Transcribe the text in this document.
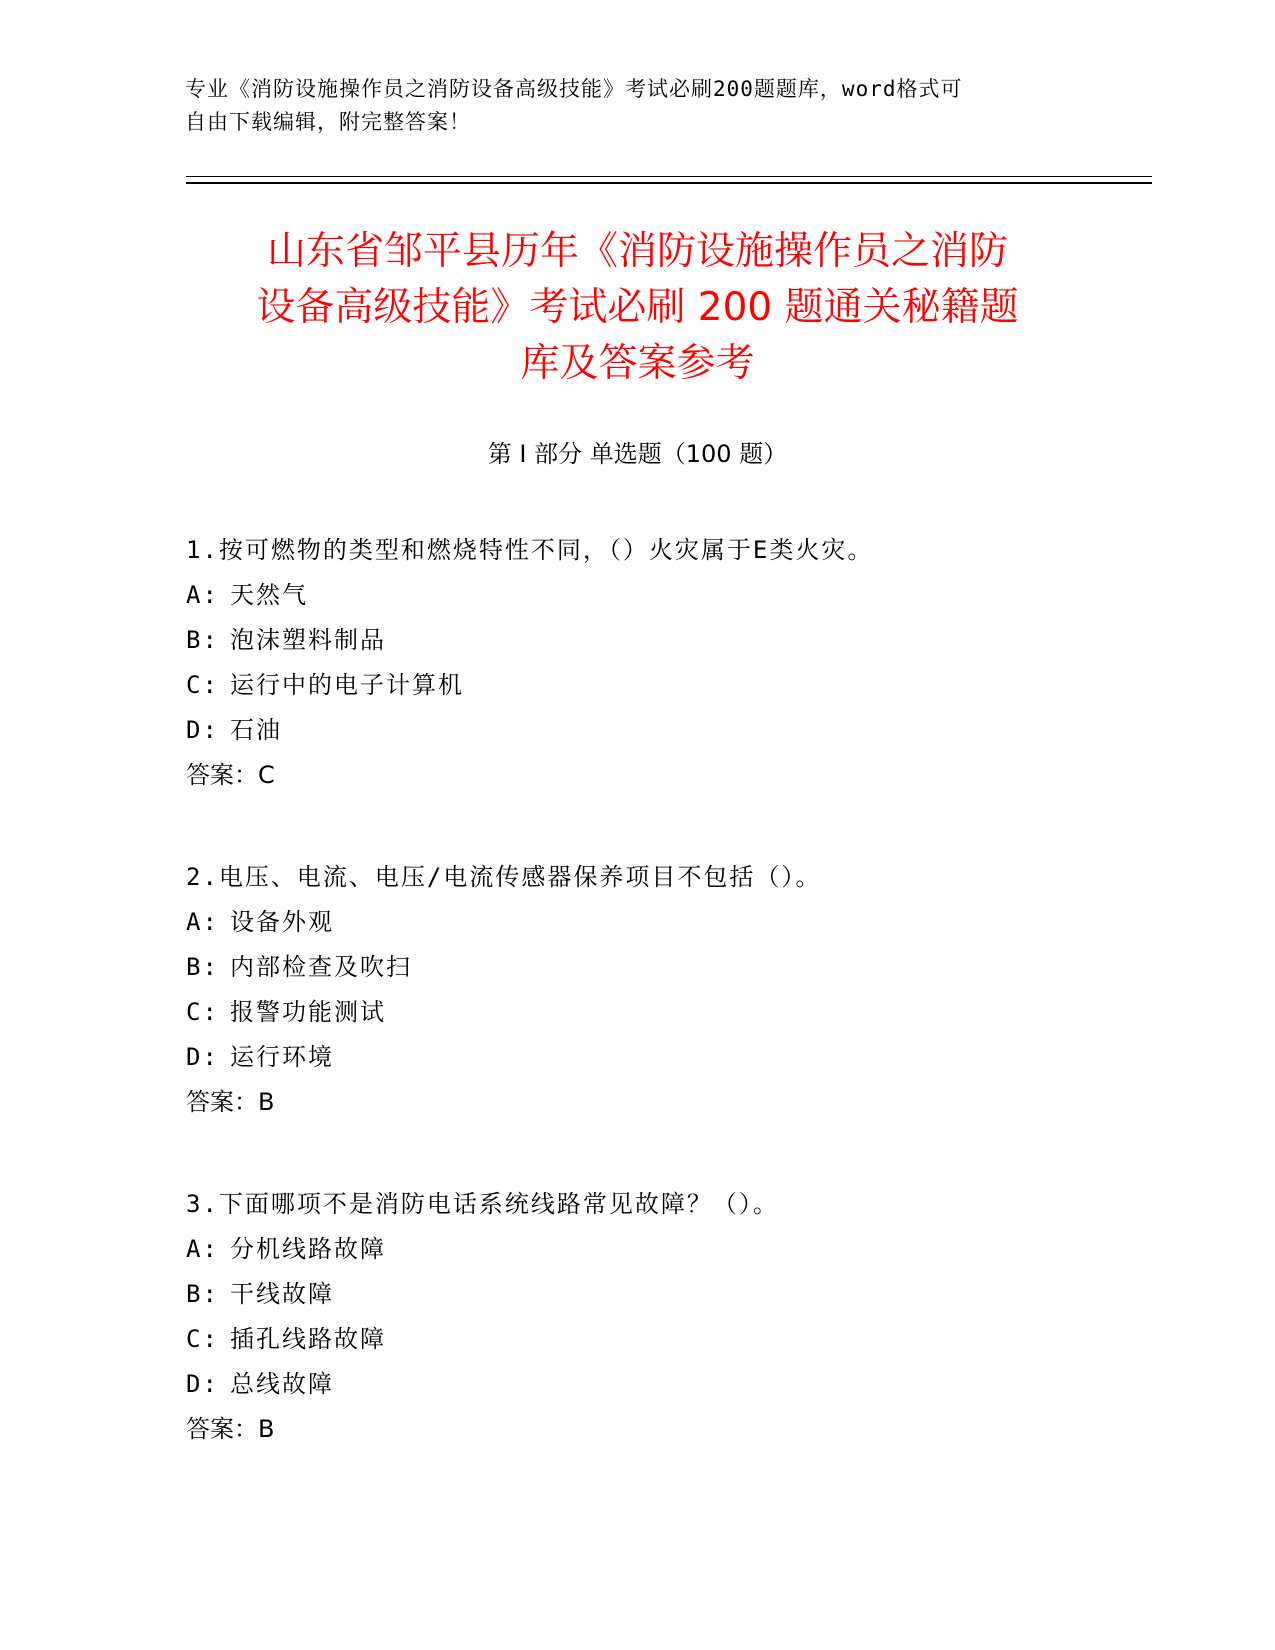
专业《消防设施操作员之消防设备高级技能》考试必刷200题题库，word格式可
自由下载编辑，附完整答案！

山东省邹平县历年《消防设施操作员之消防
设备高级技能》考试必刷 200 题通关秘籍题
库及答案参考
第 I 部分 单选题（100 题）
1.按可燃物的类型和燃烧特性不同，（）火灾属于E类火灾。
A: 天然气
B: 泡沫塑料制品
C: 运行中的电子计算机
D: 石油
答案：C
2.电压、电流、电压/电流传感器保养项目不包括（）。
A: 设备外观
B: 内部检查及吹扫
C: 报警功能测试
D: 运行环境
答案：B
3.下面哪项不是消防电话系统线路常见故障？（）。
A: 分机线路故障
B: 干线故障
C: 插孔线路故障
D: 总线故障
答案：B
